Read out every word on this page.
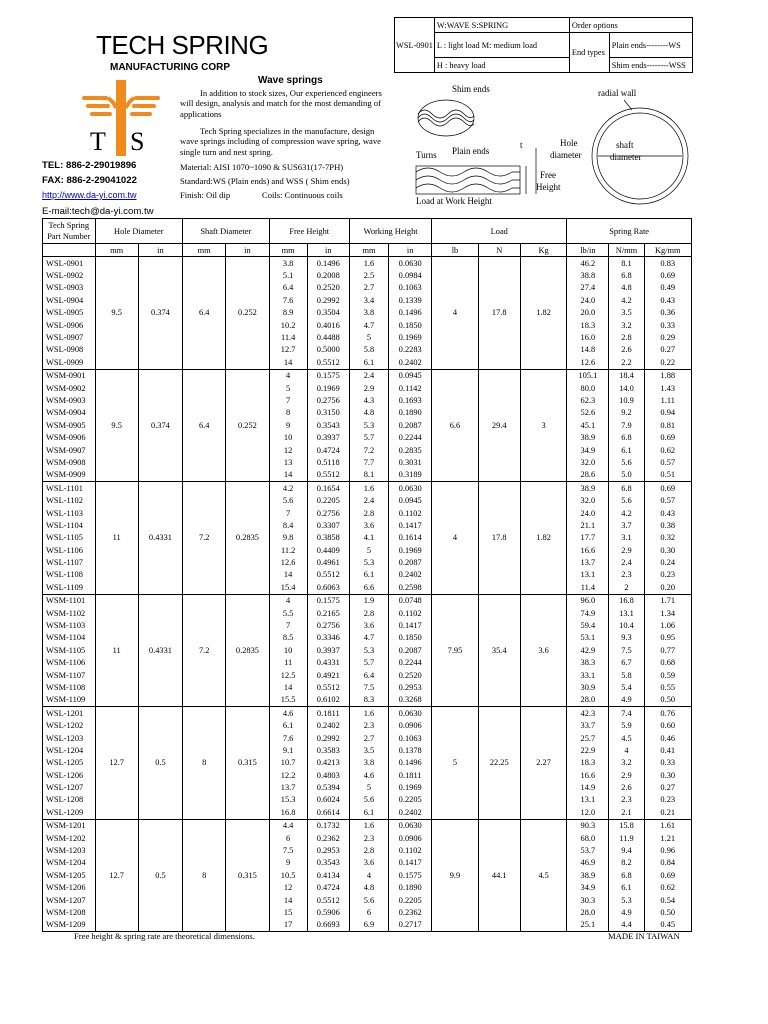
TECH SPRING
MANUFACTURING CORP
T S
Wave springs
In addition to stock sizes, Our experienced engineers will design, analysis and match for the most demanding of applications
Tech Spring specializes in the manufacture, design wave springs including of compression wave spring, wave single turn and nest spring.
TEL: 886-2-29019896
FAX: 886-2-29041022
http://www.da-yi.com.tw
E-mail:tech@da-yi.com.tw
Material: AISI 1070~1090 & SUS631(17-7PH)
Standard:WS (Plain ends) and WSS ( Shim ends)
Finish: Oil dip	Coils: Continuous coils
WSL-0901	W:WAVE S:SPRING	Order options	
	L : light load M: medium load	End types	Plain ends--------WS
	H : heavy load		Shim ends--------WSS
Shim ends	radial wall
Turns Plain ends
Hole
diameter
shaft
diameter
t
Free
Height
Load at Work Height
Tech Spring Part Number	Hole Diameter		Shaft Diameter		Free Height		Working Height		Load			Spring Rate		
	mm	in	mm	in	mm	in	mm	in	lb	N	Kg	lb/in	N/mm	Kg/mm
WSL-0901	9.5	0.374	6.4	0.252	3.8	0.1496	1.6	0.0630	4	17.8	1.82	46.2	8.1	0.83
WSL-0902					5.1	0.2008	2.5	0.0984				38.8	6.8	0.69
WSL-0903					6.4	0.2520	2.7	0.1063				27.4	4.8	0.49
WSL-0904					7.6	0.2992	3.4	0.1339				24.0	4.2	0.43
WSL-0905					8.9	0.3504	3.8	0.1496				20.0	3.5	0.36
WSL-0906					10.2	0.4016	4.7	0.1850				18.3	3.2	0.33
WSL-0907					11.4	0.4488	5	0.1969				16.0	2.8	0.29
WSL-0908					12.7	0.5000	5.8	0.2283				14.8	2.6	0.27
WSL-0909					14	0.5512	6.1	0.2402				12.6	2.2	0.22
WSM-0901	9.5	0.374	6.4	0.252	4	0.1575	2.4	0.0945	6.6	29.4	3	105.1	18.4	1.88
WSM-0902					5	0.1969	2.9	0.1142				80.0	14.0	1.43
WSM-0903					7	0.2756	4.3	0.1693				62.3	10.9	1.11
WSM-0904					8	0.3150	4.8	0.1890				52.6	9.2	0.94
WSM-0905					9	0.3543	5.3	0.2087				45.1	7.9	0.81
WSM-0906					10	0.3937	5.7	0.2244				38.9	6.8	0.69
WSM-0907					12	0.4724	7.2	0.2835				34.9	6.1	0.62
WSM-0908					13	0.5118	7.7	0.3031				32.0	5.6	0.57
WSM-0909					14	0.5512	8.1	0.3189				28.6	5.0	0.51
WSL-1101	11	0.4331	7.2	0.2835	4.2	0.1654	1.6	0.0630	4	17.8	1.82	38.9	6.8	0.69
WSL-1102					5.6	0.2205	2.4	0.0945				32.0	5.6	0.57
WSL-1103					7	0.2756	2.8	0.1102				24.0	4.2	0.43
WSL-1104					8.4	0.3307	3.6	0.1417				21.1	3.7	0.38
WSL-1105					9.8	0.3858	4.1	0.1614				17.7	3.1	0.32
WSL-1106					11.2	0.4409	5	0.1969				16.6	2.9	0.30
WSL-1107					12.6	0.4961	5.3	0.2087				13.7	2.4	0.24
WSL-1108					14	0.5512	6.1	0.2402				13.1	2.3	0.23
WSL-1109					15.4	0.6063	6.6	0.2598				11.4	2	0.20
WSM-1101	11	0.4331	7.2	0.2835	4	0.1575	1.9	0.0748	7.95	35.4	3.6	96.0	16.8	1.71
WSM-1102					5.5	0.2165	2.8	0.1102				74.9	13.1	1.34
WSM-1103					7	0.2756	3.6	0.1417				59.4	10.4	1.06
WSM-1104					8.5	0.3346	4.7	0.1850				53.1	9.3	0.95
WSM-1105					10	0.3937	5.3	0.2087				42.9	7.5	0.77
WSM-1106					11	0.4331	5.7	0.2244				38.3	6.7	0.68
WSM-1107					12.5	0.4921	6.4	0.2520				33.1	5.8	0.59
WSM-1108					14	0.5512	7.5	0.2953				30.9	5.4	0.55
WSM-1109					15.5	0.6102	8.3	0.3268				28.0	4.9	0.50
WSL-1201	12.7	0.5	8	0.315	4.6	0.1811	1.6	0.0630	5	22.25	2.27	42.3	7.4	0.76
WSL-1202					6.1	0.2402	2.3	0.0906				33.7	5.9	0.60
WSL-1203					7.6	0.2992	2.7	0.1063				25.7	4.5	0.46
WSL-1204					9.1	0.3583	3.5	0.1378				22.9	4	0.41
WSL-1205					10.7	0.4213	3.8	0.1496				18.3	3.2	0.33
WSL-1206					12.2	0.4803	4.6	0.1811				16.6	2.9	0.30
WSL-1207					13.7	0.5394	5	0.1969				14.9	2.6	0.27
WSL-1208					15.3	0.6024	5.6	0.2205				13.1	2.3	0.23
WSL-1209					16.8	0.6614	6.1	0.2402				12.0	2.1	0.21
WSM-1201	12.7	0.5	8	0.315	4.4	0.1732	1.6	0.0630	9.9	44.1	4.5	90.3	15.8	1.61
WSM-1202					6	0.2362	2.3	0.0906				68.0	11.9	1.21
WSM-1203					7.5	0.2953	2.8	0.1102				53.7	9.4	0.96
WSM-1204					9	0.3543	3.6	0.1417				46.9	8.2	0.84
WSM-1205					10.5	0.4134	4	0.1575				38.9	6.8	0.69
WSM-1206					12	0.4724	4.8	0.1890				34.9	6.1	0.62
WSM-1207					14	0.5512	5.6	0.2205				30.3	5.3	0.54
WSM-1208					15	0.5906	6	0.2362				28.0	4.9	0.50
WSM-1209					17	0.6693	6.9	0.2717				25.1	4.4	0.45
Free height & spring rate are theoretical dimensions.	MADE IN TAIWAN
